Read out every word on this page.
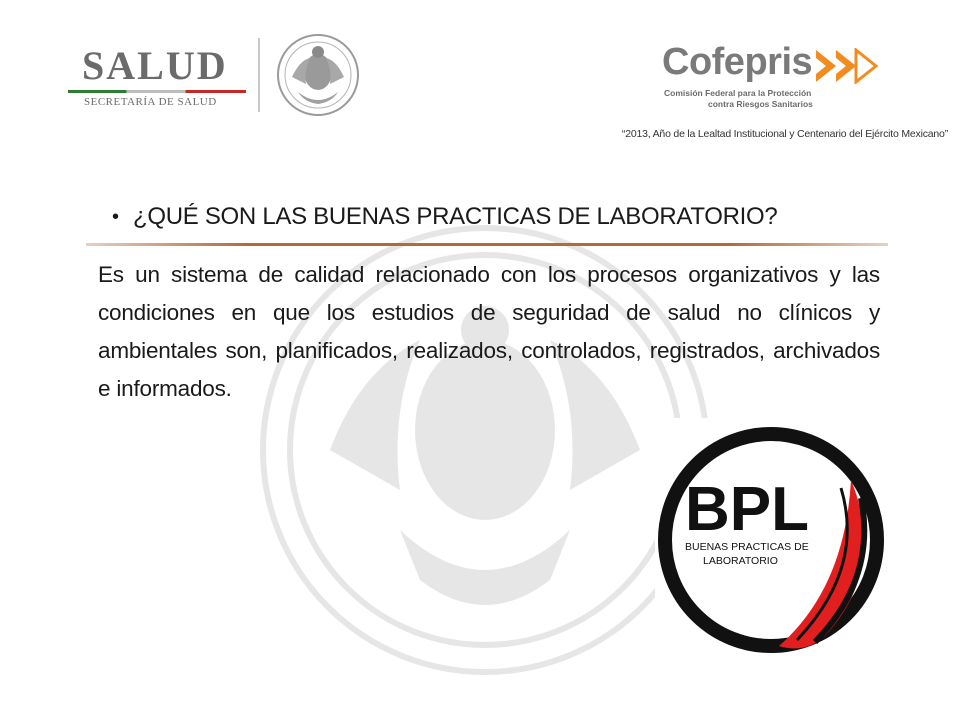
SALUD
SECRETARÍA DE SALUD
Cofepris
Comisión Federal para la Protección
contra Riesgos Sanitarios
“2013, Año de la Lealtad Institucional y Centenario del Ejército Mexicano”
• ¿QUÉ SON LAS BUENAS PRACTICAS DE LABORATORIO?
Es un sistema de calidad relacionado con los procesos organizativos y las condiciones en que los estudios de seguridad de salud no clínicos y ambientales son, planificados, realizados, controlados, registrados, archivados e informados.
BPL
BUENAS PRACTICAS DE
LABORATORIO
